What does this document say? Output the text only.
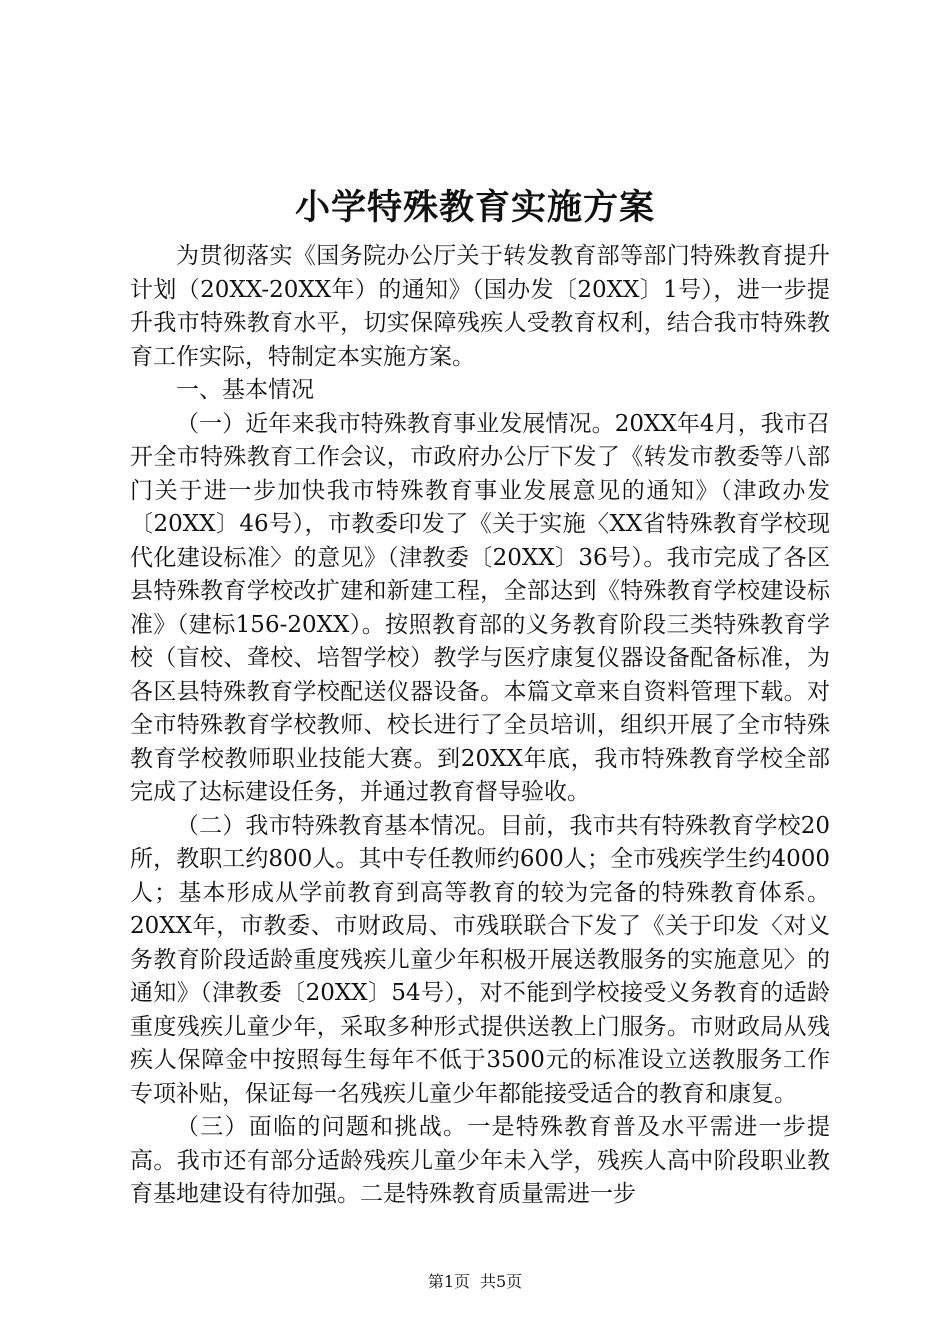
小学特殊教育实施方案

为贯彻落实《国务院办公厅关于转发教育部等部门特殊教育提升计划（20XX-20XX年）的通知》（国办发〔20XX〕1号），进一步提升我市特殊教育水平，切实保障残疾人受教育权利，结合我市特殊教育工作实际，特制定本实施方案。

一、基本情况

（一）近年来我市特殊教育事业发展情况。20XX年4月，我市召开全市特殊教育工作会议，市政府办公厅下发了《转发市教委等八部门关于进一步加快我市特殊教育事业发展意见的通知》（津政办发〔20XX〕46号），市教委印发了《关于实施〈XX省特殊教育学校现代化建设标准〉的意见》（津教委〔20XX〕36号）。我市完成了各区县特殊教育学校改扩建和新建工程，全部达到《特殊教育学校建设标准》（建标156-20XX）。按照教育部的义务教育阶段三类特殊教育学校（盲校、聋校、培智学校）教学与医疗康复仪器设备配备标准，为各区县特殊教育学校配送仪器设备。本篇文章来自资料管理下载。对全市特殊教育学校教师、校长进行了全员培训，组织开展了全市特殊教育学校教师职业技能大赛。到20XX年底，我市特殊教育学校全部完成了达标建设任务，并通过教育督导验收。

（二）我市特殊教育基本情况。目前，我市共有特殊教育学校20所，教职工约800人。其中专任教师约600人；全市残疾学生约4000人；基本形成从学前教育到高等教育的较为完备的特殊教育体系。20XX年，市教委、市财政局、市残联联合下发了《关于印发〈对义务教育阶段适龄重度残疾儿童少年积极开展送教服务的实施意见〉的通知》（津教委〔20XX〕54号），对不能到学校接受义务教育的适龄重度残疾儿童少年，采取多种形式提供送教上门服务。市财政局从残疾人保障金中按照每生每年不低于3500元的标准设立送教服务工作专项补贴，保证每一名残疾儿童少年都能接受适合的教育和康复。

（三）面临的问题和挑战。一是特殊教育普及水平需进一步提高。我市还有部分适龄残疾儿童少年未入学，残疾人高中阶段职业教育基地建设有待加强。二是特殊教育质量需进一步

第1页 共5页
